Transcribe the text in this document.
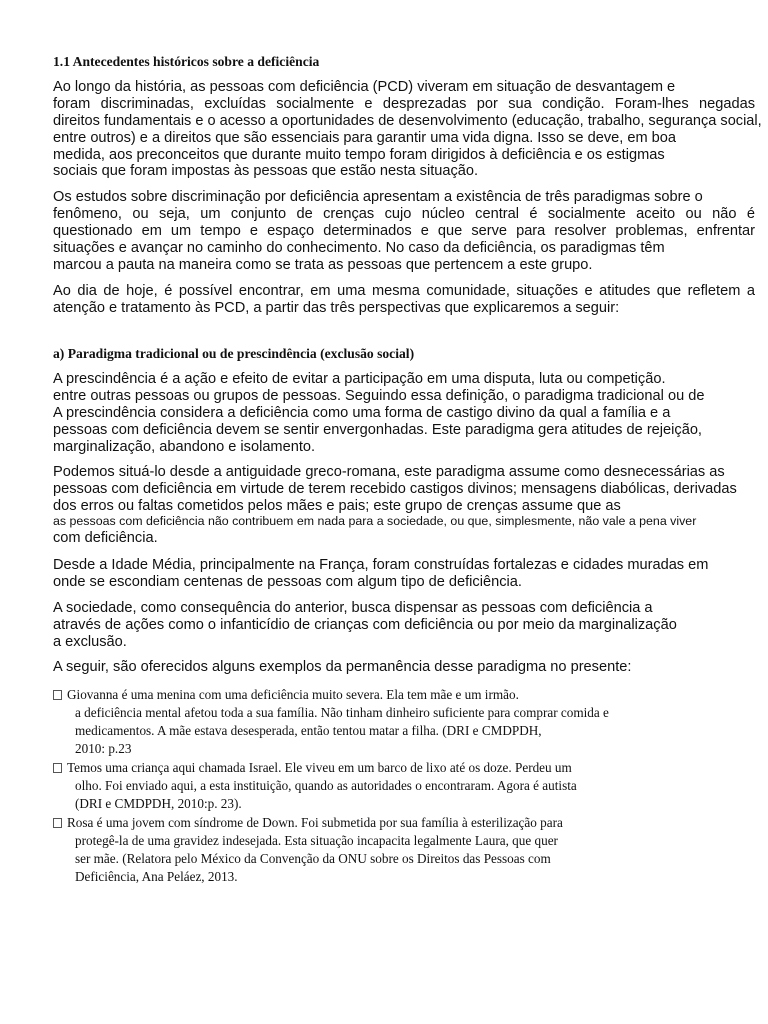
1.1 Antecedentes históricos sobre a deficiência
Ao longo da história, as pessoas com deficiência (PCD) viveram em situação de desvantagem e
foram discriminadas, excluídas socialmente e desprezadas por sua condição. Foram-lhes negadas
direitos fundamentais e o acesso a oportunidades de desenvolvimento (educação, trabalho, segurança social,
entre outros) e a direitos que são essenciais para garantir uma vida digna. Isso se deve, em boa
medida, aos preconceitos que durante muito tempo foram dirigidos à deficiência e os estigmas
sociais que foram impostas às pessoas que estão nesta situação.
Os estudos sobre discriminação por deficiência apresentam a existência de três paradigmas sobre o
fenômeno, ou seja, um conjunto de crenças cujo núcleo central é socialmente aceito ou não é
questionado em um tempo e espaço determinados e que serve para resolver problemas, enfrentar
situações e avançar no caminho do conhecimento. No caso da deficiência, os paradigmas têm
marcou a pauta na maneira como se trata as pessoas que pertencem a este grupo.
Ao dia de hoje, é possível encontrar, em uma mesma comunidade, situações e atitudes que refletem a
atenção e tratamento às PCD, a partir das três perspectivas que explicaremos a seguir:
a) Paradigma tradicional ou de prescindência (exclusão social)
A prescindência é a ação e efeito de evitar a participação em uma disputa, luta ou competição.
entre outras pessoas ou grupos de pessoas. Seguindo essa definição, o paradigma tradicional ou de
A prescindência considera a deficiência como uma forma de castigo divino da qual a família e a
pessoas com deficiência devem se sentir envergonhadas. Este paradigma gera atitudes de rejeição,
marginalização, abandono e isolamento.
Podemos situá-lo desde a antiguidade greco-romana, este paradigma assume como desnecessárias as
pessoas com deficiência em virtude de terem recebido castigos divinos; mensagens diabólicas, derivadas
dos erros ou faltas cometidos pelos mães e pais; este grupo de crenças assume que as
as pessoas com deficiência não contribuem em nada para a sociedade, ou que, simplesmente, não vale a pena viver
com deficiência.
Desde a Idade Média, principalmente na França, foram construídas fortalezas e cidades muradas em
onde se escondiam centenas de pessoas com algum tipo de deficiência.
A sociedade, como consequência do anterior, busca dispensar as pessoas com deficiência a
através de ações como o infanticídio de crianças com deficiência ou por meio da marginalização
a exclusão.
A seguir, são oferecidos alguns exemplos da permanência desse paradigma no presente:
Giovanna é uma menina com uma deficiência muito severa. Ela tem mãe e um irmão.
a deficiência mental afetou toda a sua família. Não tinham dinheiro suficiente para comprar comida e
medicamentos. A mãe estava desesperada, então tentou matar a filha. (DRI e CMDPDH,
2010: p.23
Temos uma criança aqui chamada Israel. Ele viveu em um barco de lixo até os doze. Perdeu um
olho. Foi enviado aqui, a esta instituição, quando as autoridades o encontraram. Agora é autista
(DRI e CMDPDH, 2010:p. 23).
Rosa é uma jovem com síndrome de Down. Foi submetida por sua família à esterilização para
protegê-la de uma gravidez indesejada. Esta situação incapacita legalmente Laura, que quer
ser mãe. (Relatora pelo México da Convenção da ONU sobre os Direitos das Pessoas com
Deficiência, Ana Peláez, 2013.
